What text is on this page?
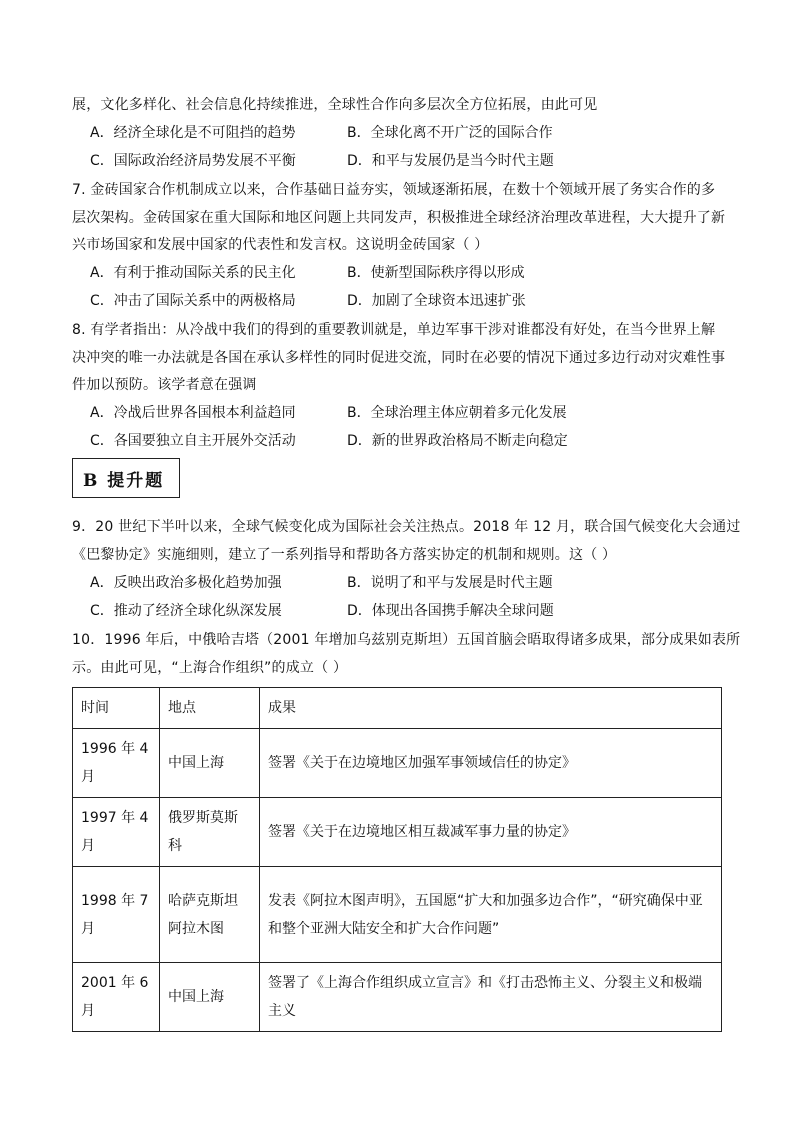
展，文化多样化、社会信息化持续推进，全球性合作向多层次全方位拓展，由此可见
A．经济全球化是不可阻挡的趋势	B．全球化离不开广泛的国际合作
C．国际政治经济局势发展不平衡	D．和平与发展仍是当今时代主题
7. 金砖国家合作机制成立以来，合作基础日益夯实，领域逐渐拓展，在数十个领域开展了务实合作的多
层次架构。金砖国家在重大国际和地区问题上共同发声，积极推进全球经济治理改革进程，大大提升了新
兴市场国家和发展中国家的代表性和发言权。这说明金砖国家（ ）
A．有利于推动国际关系的民主化	B．使新型国际秩序得以形成
C．冲击了国际关系中的两极格局	D．加剧了全球资本迅速扩张
8. 有学者指出：从冷战中我们的得到的重要教训就是，单边军事干涉对谁都没有好处，在当今世界上解
决冲突的唯一办法就是各国在承认多样性的同时促进交流，同时在必要的情况下通过多边行动对灾难性事
件加以预防。该学者意在强调
A．冷战后世界各国根本利益趋同	B．全球治理主体应朝着多元化发展
C．各国要独立自主开展外交活动	D．新的世界政治格局不断走向稳定
B 提升题
9．20 世纪下半叶以来，全球气候变化成为国际社会关注热点。2018 年 12 月，联合国气候变化大会通过
《巴黎协定》实施细则，建立了一系列指导和帮助各方落实协定的机制和规则。这（ ）
A．反映出政治多极化趋势加强	B．说明了和平与发展是时代主题
C．推动了经济全球化纵深发展	D．体现出各国携手解决全球问题
10．1996 年后，中俄哈吉塔（2001 年增加乌兹别克斯坦）五国首脑会晤取得诸多成果，部分成果如表所
示。由此可见，“上海合作组织”的成立（ ）
时间	地点	成果
1996 年 4 月	中国上海	签署《关于在边境地区加强军事领域信任的协定》
1997 年 4 月	俄罗斯莫斯科	签署《关于在边境地区相互裁减军事力量的协定》
1998 年 7 月	哈萨克斯坦阿拉木图	发表《阿拉木图声明》，五国愿“扩大和加强多边合作”，“研究确保中亚和整个亚洲大陆安全和扩大合作问题”
2001 年 6 月	中国上海	签署了《上海合作组织成立宣言》和《打击恐怖主义、分裂主义和极端主义
